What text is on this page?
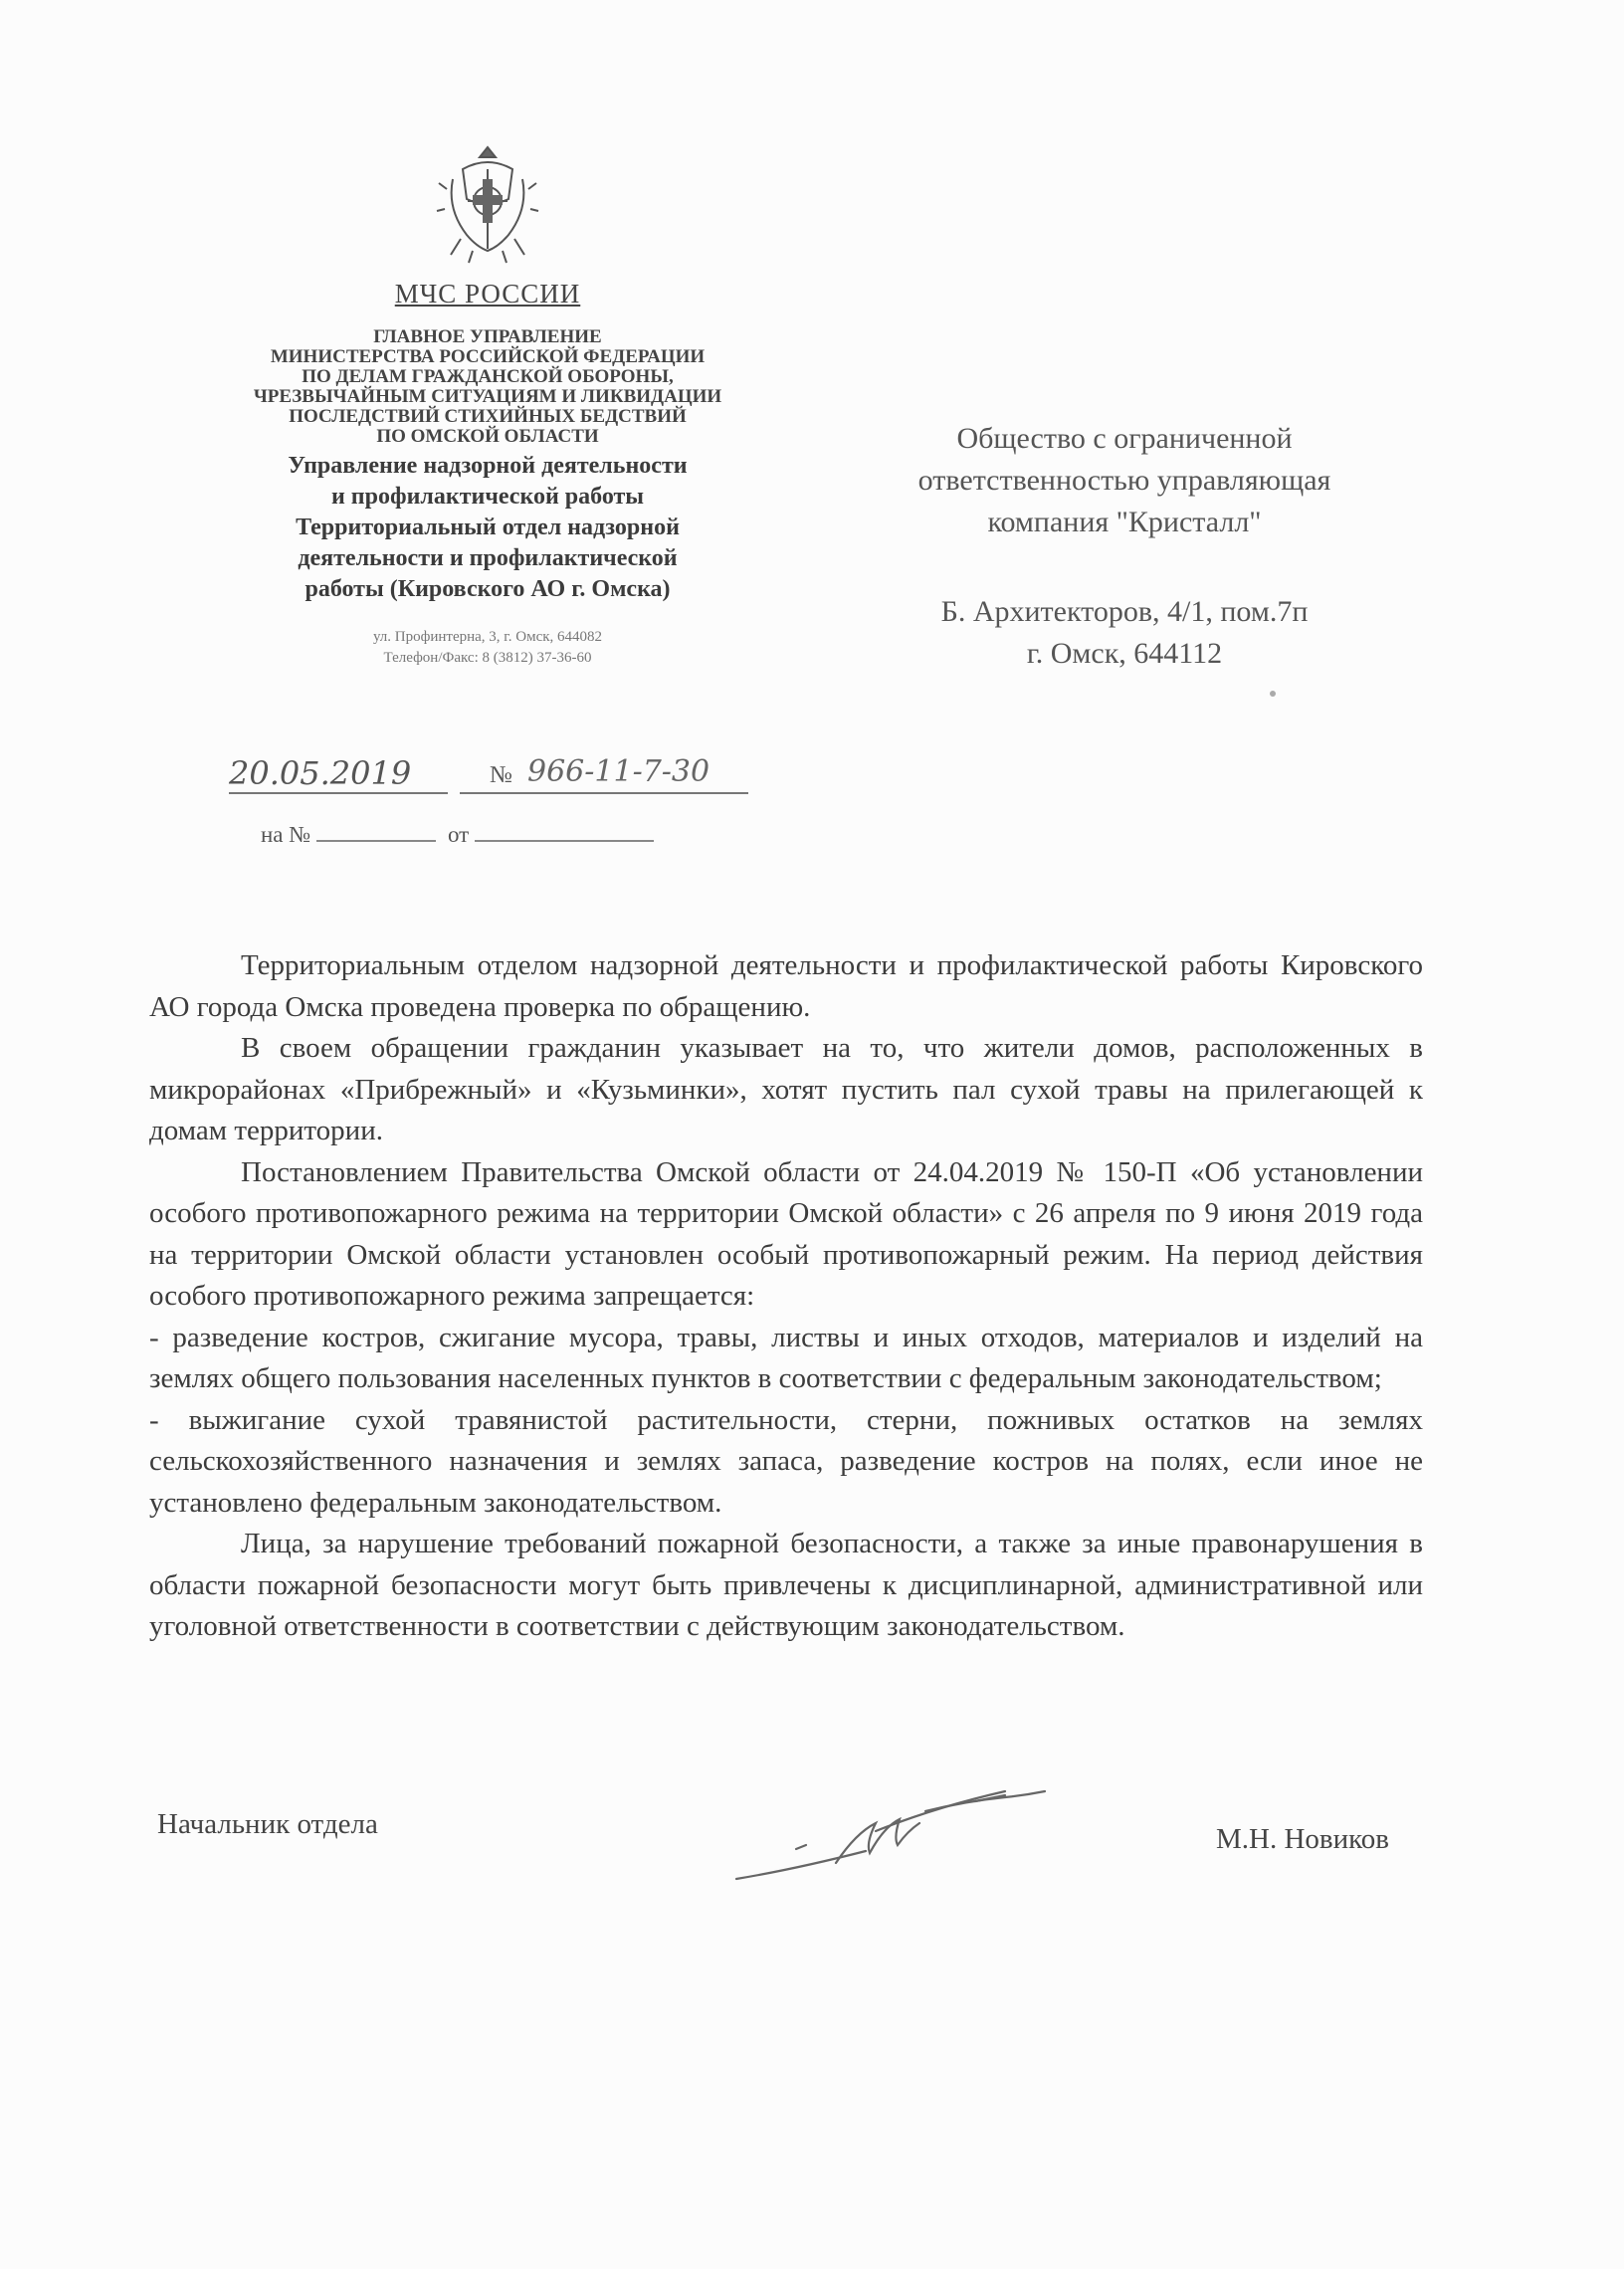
МЧС РОССИИ
ГЛАВНОЕ УПРАВЛЕНИЕ
МИНИСТЕРСТВА РОССИЙСКОЙ ФЕДЕРАЦИИ
ПО ДЕЛАМ ГРАЖДАНСКОЙ ОБОРОНЫ,
ЧРЕЗВЫЧАЙНЫМ СИТУАЦИЯМ И ЛИКВИДАЦИИ
ПОСЛЕДСТВИЙ СТИХИЙНЫХ БЕДСТВИЙ
ПО ОМСКОЙ ОБЛАСТИ
Управление надзорной деятельности
и профилактической работы
Территориальный отдел надзорной
деятельности и профилактической
работы (Кировского АО г. Омска)
ул. Профинтерна, 3, г. Омск, 644082
Телефон/Факс: 8 (3812) 37-36-60
20.05.2019	№ 966-11-7-30
на №	от
Общество с ограниченной
ответственностью управляющая
компания "Кристалл"
Б. Архитекторов, 4/1, пом.7п
г. Омск, 644112

Территориальным отделом надзорной деятельности и профилактической работы Кировского АО города Омска проведена проверка по обращению.

В своем обращении гражданин указывает на то, что жители домов, расположенных в микрорайонах «Прибрежный» и «Кузьминки», хотят пустить пал сухой травы на прилегающей к домам территории.

Постановлением Правительства Омской области от 24.04.2019 № 150-П «Об установлении особого противопожарного режима на территории Омской области» с 26 апреля по 9 июня 2019 года на территории Омской области установлен особый противопожарный режим. На период действия особого противопожарного режима запрещается:

- разведение костров, сжигание мусора, травы, листвы и иных отходов, материалов и изделий на землях общего пользования населенных пунктов в соответствии с федеральным законодательством;

- выжигание сухой травянистой растительности, стерни, пожнивых остатков на землях сельскохозяйственного назначения и землях запаса, разведение костров на полях, если иное не установлено федеральным законодательством.

Лица, за нарушение требований пожарной безопасности, а также за иные правонарушения в области пожарной безопасности могут быть привлечены к дисциплинарной, административной или уголовной ответственности в соответствии с действующим законодательством.

Начальник отдела	М.Н. Новиков
